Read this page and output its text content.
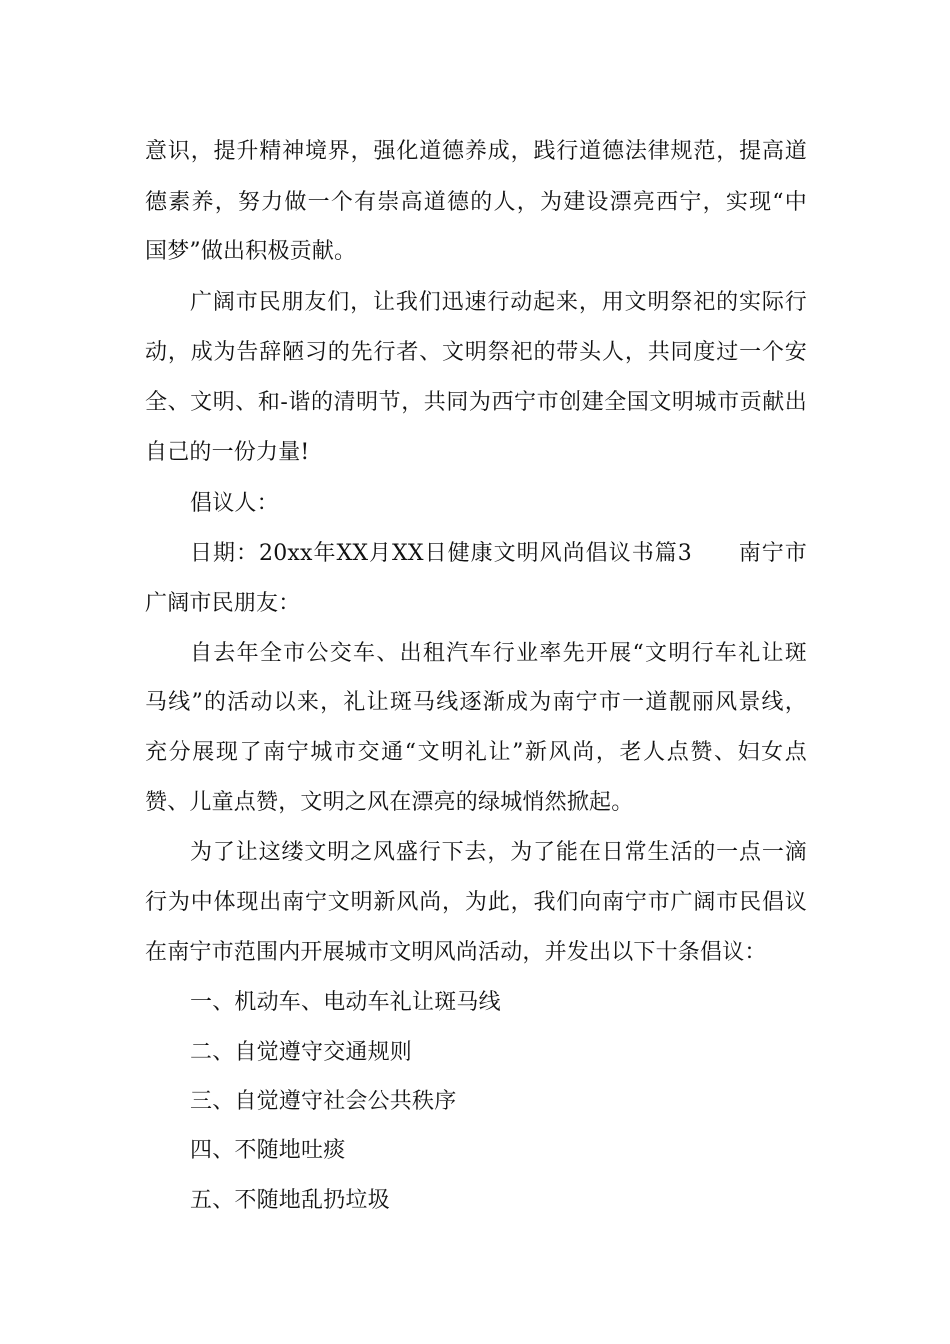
意识，提升精神境界，强化道德养成，践行道德法律规范，提高道
德素养，努力做一个有崇高道德的人，为建设漂亮西宁，实现“中
国梦”做出积极贡献。
广阔市民朋友们，让我们迅速行动起来，用文明祭祀的实际行
动，成为告辞陋习的先行者、文明祭祀的带头人，共同度过一个安
全、文明、和-谐的清明节，共同为西宁市创建全国文明城市贡献出
自己的一份力量!
倡议人：
日期：20xx年XX月XX日健康文明风尚倡议书篇3　　南宁市
广阔市民朋友：
自去年全市公交车、出租汽车行业率先开展“文明行车礼让斑
马线”的活动以来，礼让斑马线逐渐成为南宁市一道靓丽风景线，
充分展现了南宁城市交通“文明礼让”新风尚，老人点赞、妇女点
赞、儿童点赞，文明之风在漂亮的绿城悄然掀起。
为了让这缕文明之风盛行下去，为了能在日常生活的一点一滴
行为中体现出南宁文明新风尚，为此，我们向南宁市广阔市民倡议
在南宁市范围内开展城市文明风尚活动，并发出以下十条倡议：
一、机动车、电动车礼让斑马线
二、自觉遵守交通规则
三、自觉遵守社会公共秩序
四、不随地吐痰
五、不随地乱扔垃圾
